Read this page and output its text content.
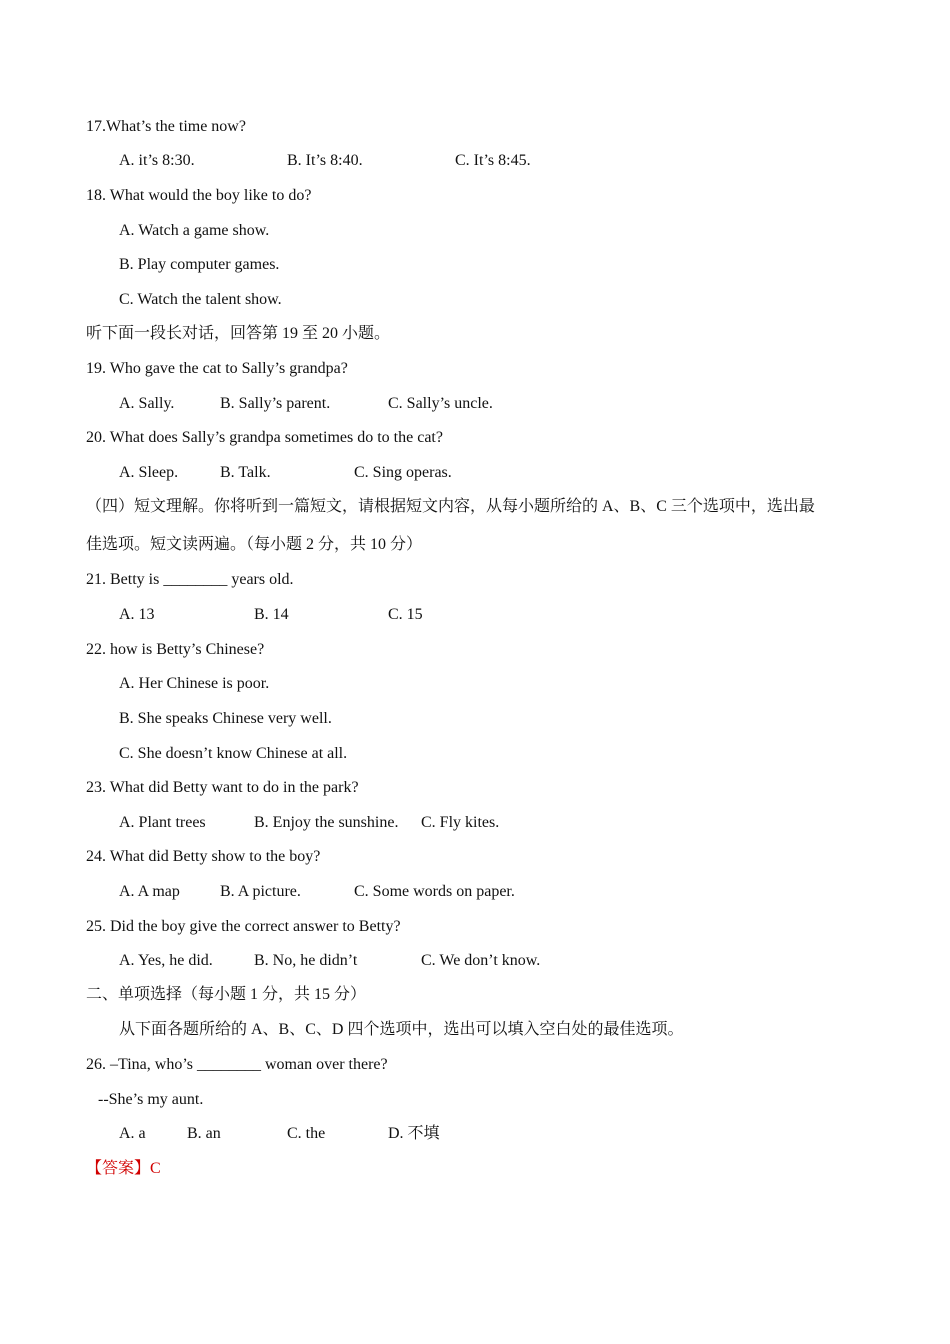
17.What’s the time now?
A. it’s 8:30.	B. It’s 8:40.	C. It’s 8:45.
18. What would the boy like to do?
A. Watch a game show.
B. Play computer games.
C. Watch the talent show.
听下面一段长对话，回答第 19 至 20 小题。
19. Who gave the cat to Sally’s grandpa?
A. Sally.	B. Sally’s parent.	C. Sally’s uncle.
20. What does Sally’s grandpa sometimes do to the cat?
A. Sleep.	B. Talk.	C. Sing operas.
（四）短文理解。你将听到一篇短文，请根据短文内容，从每小题所给的 A、B、C 三个选项中，选出最
佳选项。短文读两遍。（每小题 2 分，共 10 分）
21. Betty is ________ years old.
A. 13	B. 14	C. 15
22. how is Betty’s Chinese?
A. Her Chinese is poor.
B. She speaks Chinese very well.
C. She doesn’t know Chinese at all.
23. What did Betty want to do in the park?
A. Plant trees	B. Enjoy the sunshine. C. Fly kites.
24. What did Betty show to the boy?
A. A map	B. A picture.	C. Some words on paper.
25. Did the boy give the correct answer to Betty?
A. Yes, he did.	B. No, he didn’t	C. We don’t know.
二、单项选择（每小题 1 分，共 15 分）
从下面各题所给的 A、B、C、D 四个选项中，选出可以填入空白处的最佳选项。
26. –Tina, who’s ________ woman over there?
--She’s my aunt.
A. a	B. an	C. the	D. 不填
【答案】C
